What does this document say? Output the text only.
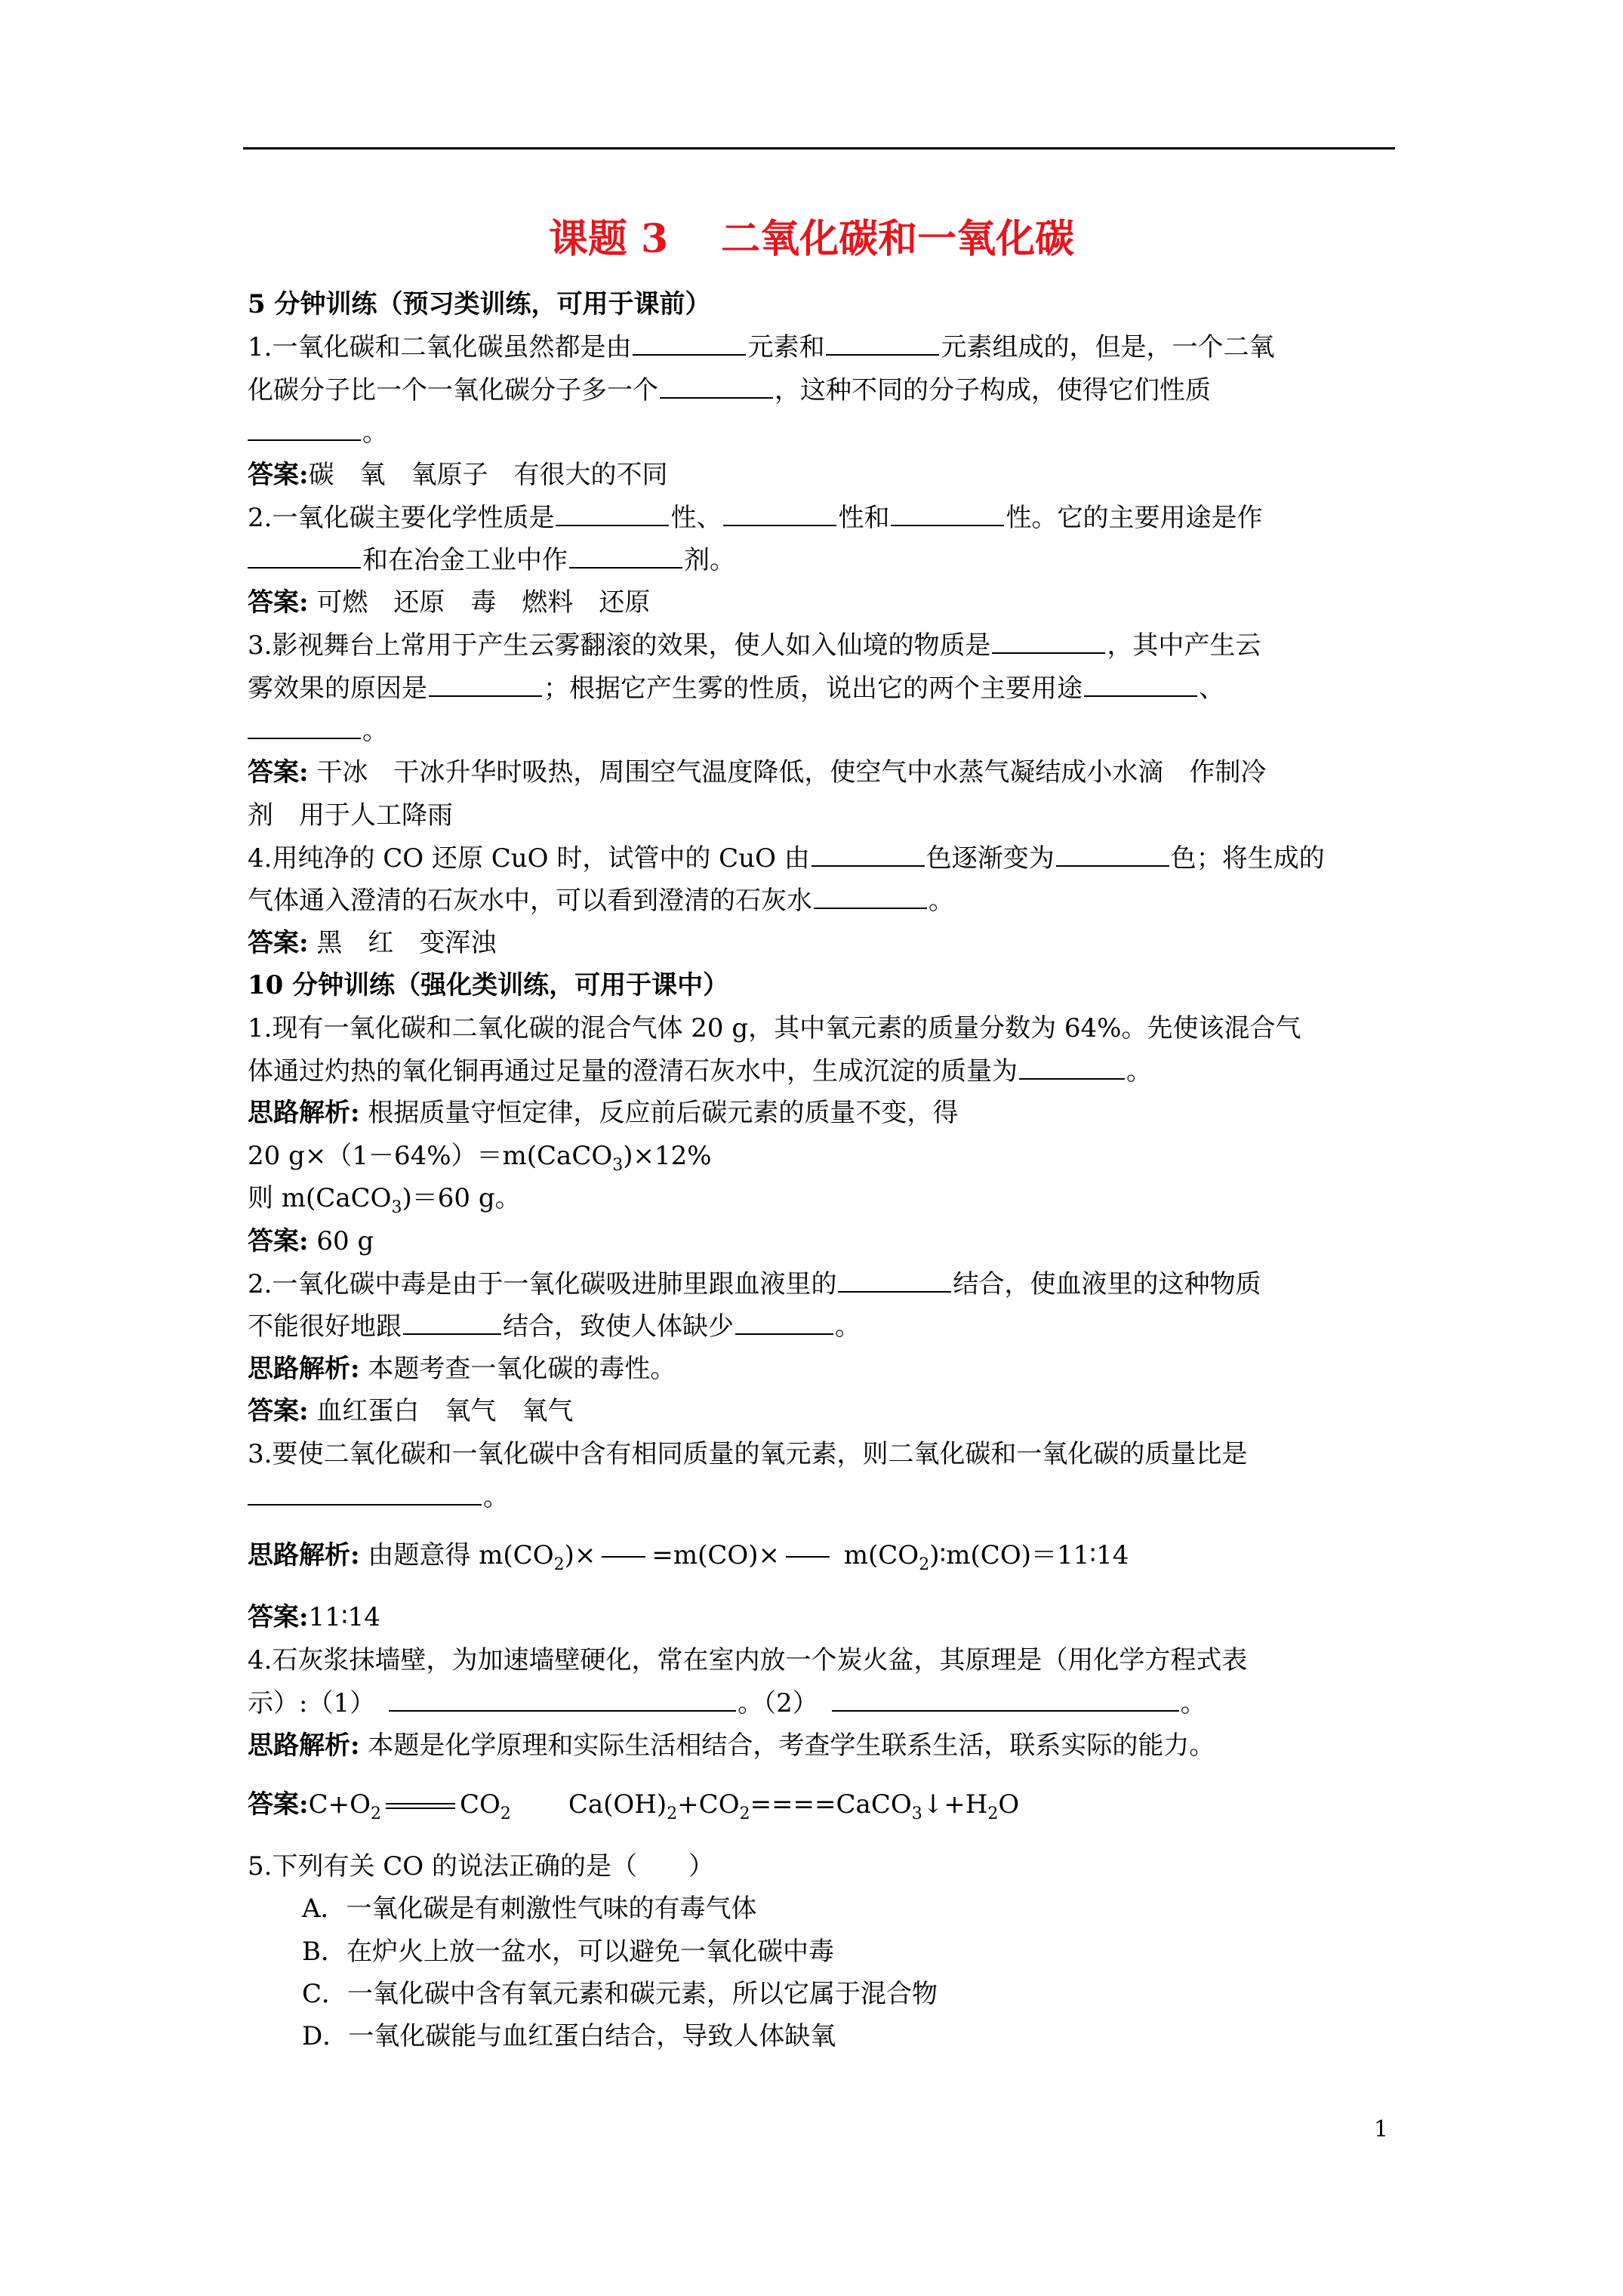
课题 3 二氧化碳和一氧化碳
5 分钟训练（预习类训练，可用于课前）
1.一氧化碳和二氧化碳虽然都是由	元素和	元素组成的，但是，一个二氧
化碳分子比一个一氧化碳分子多一个	，这种不同的分子构成，使得它们性质
。
答案:碳　氧　氧原子　有很大的不同
2.一氧化碳主要化学性质是	性、	性和	性。它的主要用途是作
和在冶金工业中作	剂。
答案: 可燃　还原　毒　燃料　还原
3.影视舞台上常用于产生云雾翻滚的效果，使人如入仙境的物质是	，其中产生云
雾效果的原因是	；根据它产生雾的性质，说出它的两个主要用途	、
。
答案: 干冰　干冰升华时吸热，周围空气温度降低，使空气中水蒸气凝结成小水滴　作制冷
剂　用于人工降雨
4.用纯净的 CO 还原 CuO 时，试管中的 CuO 由	色逐渐变为	色；将生成的
气体通入澄清的石灰水中，可以看到澄清的石灰水	。
答案: 黑　红　变浑浊
10 分钟训练（强化类训练，可用于课中）
1.现有一氧化碳和二氧化碳的混合气体 20 g，其中氧元素的质量分数为 64%。先使该混合气
体通过灼热的氧化铜再通过足量的澄清石灰水中，生成沉淀的质量为	。
思路解析: 根据质量守恒定律，反应前后碳元素的质量不变，得
20 g×（1－64%）＝m(CaCO$_3$)×12%
则 m(CaCO$_3$)＝60 g。
答案: 60 g
2.一氧化碳中毒是由于一氧化碳吸进肺里跟血液里的	结合，使血液里的这种物质
不能很好地跟	结合，致使人体缺少	。
思路解析: 本题考查一氧化碳的毒性。
答案: 血红蛋白　氧气　氧气
3.要使二氧化碳和一氧化碳中含有相同质量的氧元素，则二氧化碳和一氧化碳的质量比是
。
思路解析: 由题意得 $m(CO_2)\times =m(CO)\times$ $m(CO_2)∶m(CO)=11∶14$
答案:11∶14
4.石灰浆抹墙壁，为加速墙壁硬化，常在室内放一个炭火盆，其原理是（用化学方程式表
示）:（1）	。（2）	。
思路解析: 本题是化学原理和实际生活相结合，考查学生联系生活，联系实际的能力。
答案$:C+O_2$	$CO_2$ $Ca(OH)_2+CO_2====CaCO_3↓+H_2O$
5.下列有关 CO 的说法正确的是（　　）
A．一氧化碳是有刺激性气味的有毒气体
B．在炉火上放一盆水，可以避免一氧化碳中毒
C．一氧化碳中含有氧元素和碳元素，所以它属于混合物
D．一氧化碳能与血红蛋白结合，导致人体缺氧
1
